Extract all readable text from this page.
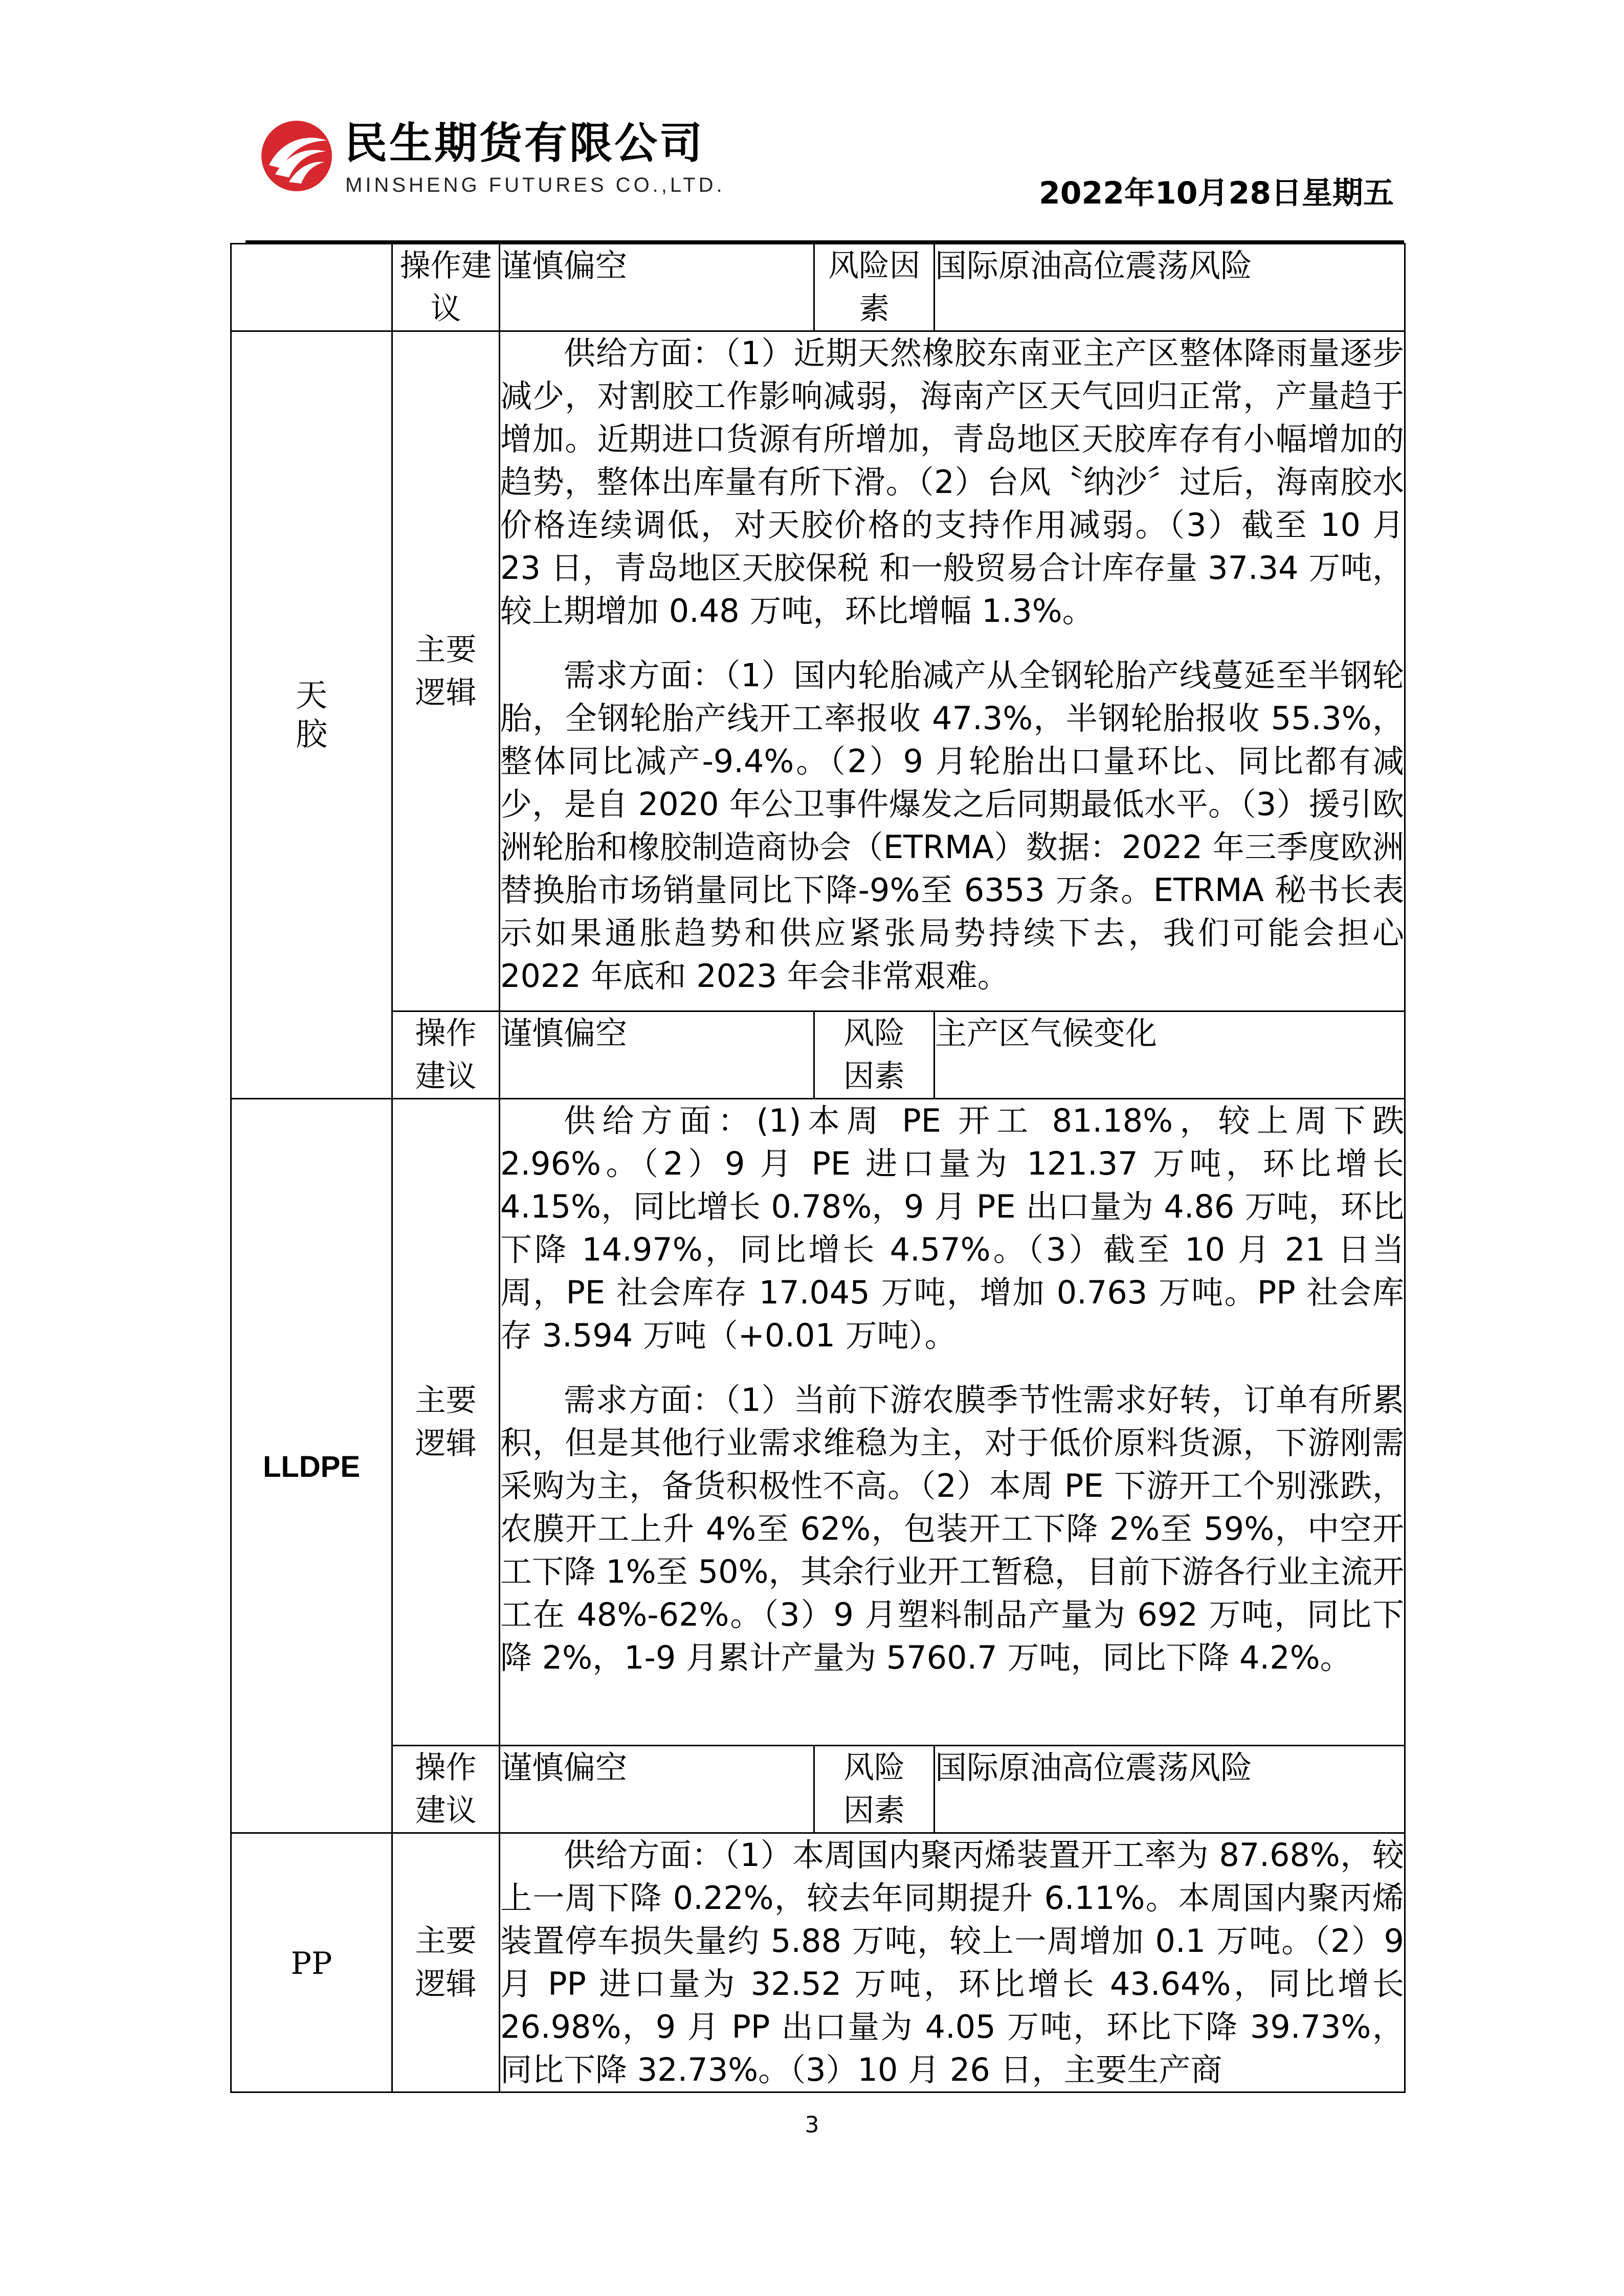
民生期货有限公司
MINSHENG FUTURES CO.,LTD.	2022年10月28日星期五
	操作建议	谨慎偏空	风险因素	国际原油高位震荡风险
天胶	主要逻辑	供给方面：（1）近期天然橡胶东南亚主产区整体降雨量逐步减少，对割胶工作影响减弱，海南产区天气回归正常，产量趋于增加。近期进口货源有所增加，青岛地区天胶库存有小幅增加的趋势，整体出库量有所下滑。（2）台风〝纳沙〞过后，海南胶水价格连续调低，对天胶价格的支持作用减弱。（3）截至 10 月 23 日，青岛地区天胶保税 和一般贸易合计库存量 37.34 万吨，较上期增加 0.48 万吨，环比增幅 1.3%。

需求方面：（1）国内轮胎减产从全钢轮胎产线蔓延至半钢轮胎，全钢轮胎产线开工率报收 47.3%，半钢轮胎报收 55.3%，整体同比减产-9.4%。（2）9 月轮胎出口量环比、同比都有减少，是自 2020 年公卫事件爆发之后同期最低水平。（3）援引欧洲轮胎和橡胶制造商协会（ETRMA）数据：2022 年三季度欧洲替换胎市场销量同比下降-9%至 6353 万条。ETRMA 秘书长表示如果通胀趋势和供应紧张局势持续下去，我们可能会担心 2022 年底和 2023 年会非常艰难。		

	操作建议	谨慎偏空	风险因素	主产区气候变化
LLDPE	主要逻辑	供给方面：(1)本周 PE 开工 81.18%，较上周下跌 2.96%。（2）9 月 PE 进口量为 121.37 万吨，环比增长 4.15%，同比增长 0.78%，9 月 PE 出口量为 4.86 万吨，环比下降 14.97%，同比增长 4.57%。（3）截至 10 月 21 日当周，PE 社会库存 17.045 万吨，增加 0.763 万吨。PP 社会库存 3.594 万吨（+0.01 万吨）。

需求方面：（1）当前下游农膜季节性需求好转，订单有所累积，但是其他行业需求维稳为主，对于低价原料货源，下游刚需采购为主，备货积极性不高。（2）本周 PE 下游开工个别涨跌，农膜开工上升 4%至 62%，包装开工下降 2%至 59%，中空开工下降 1%至 50%，其余行业开工暂稳，目前下游各行业主流开工在 48%-62%。（3）9 月塑料制品产量为 692 万吨，同比下降 2%，1-9 月累计产量为 5760.7 万吨，同比下降 4.2%。		

	操作建议	谨慎偏空	风险因素	国际原油高位震荡风险
PP	主要逻辑	供给方面：（1）本周国内聚丙烯装置开工率为 87.68%，较上一周下降 0.22%，较去年同期提升 6.11%。本周国内聚丙烯装置停车损失量约 5.88 万吨，较上一周增加 0.1 万吨。（2）9 月 PP 进口量为 32.52 万吨，环比增长 43.64%，同比增长 26.98%，9 月 PP 出口量为 4.05 万吨，环比下降 39.73%，同比下降 32.73%。（3）10 月 26 日，主要生产商		

3
